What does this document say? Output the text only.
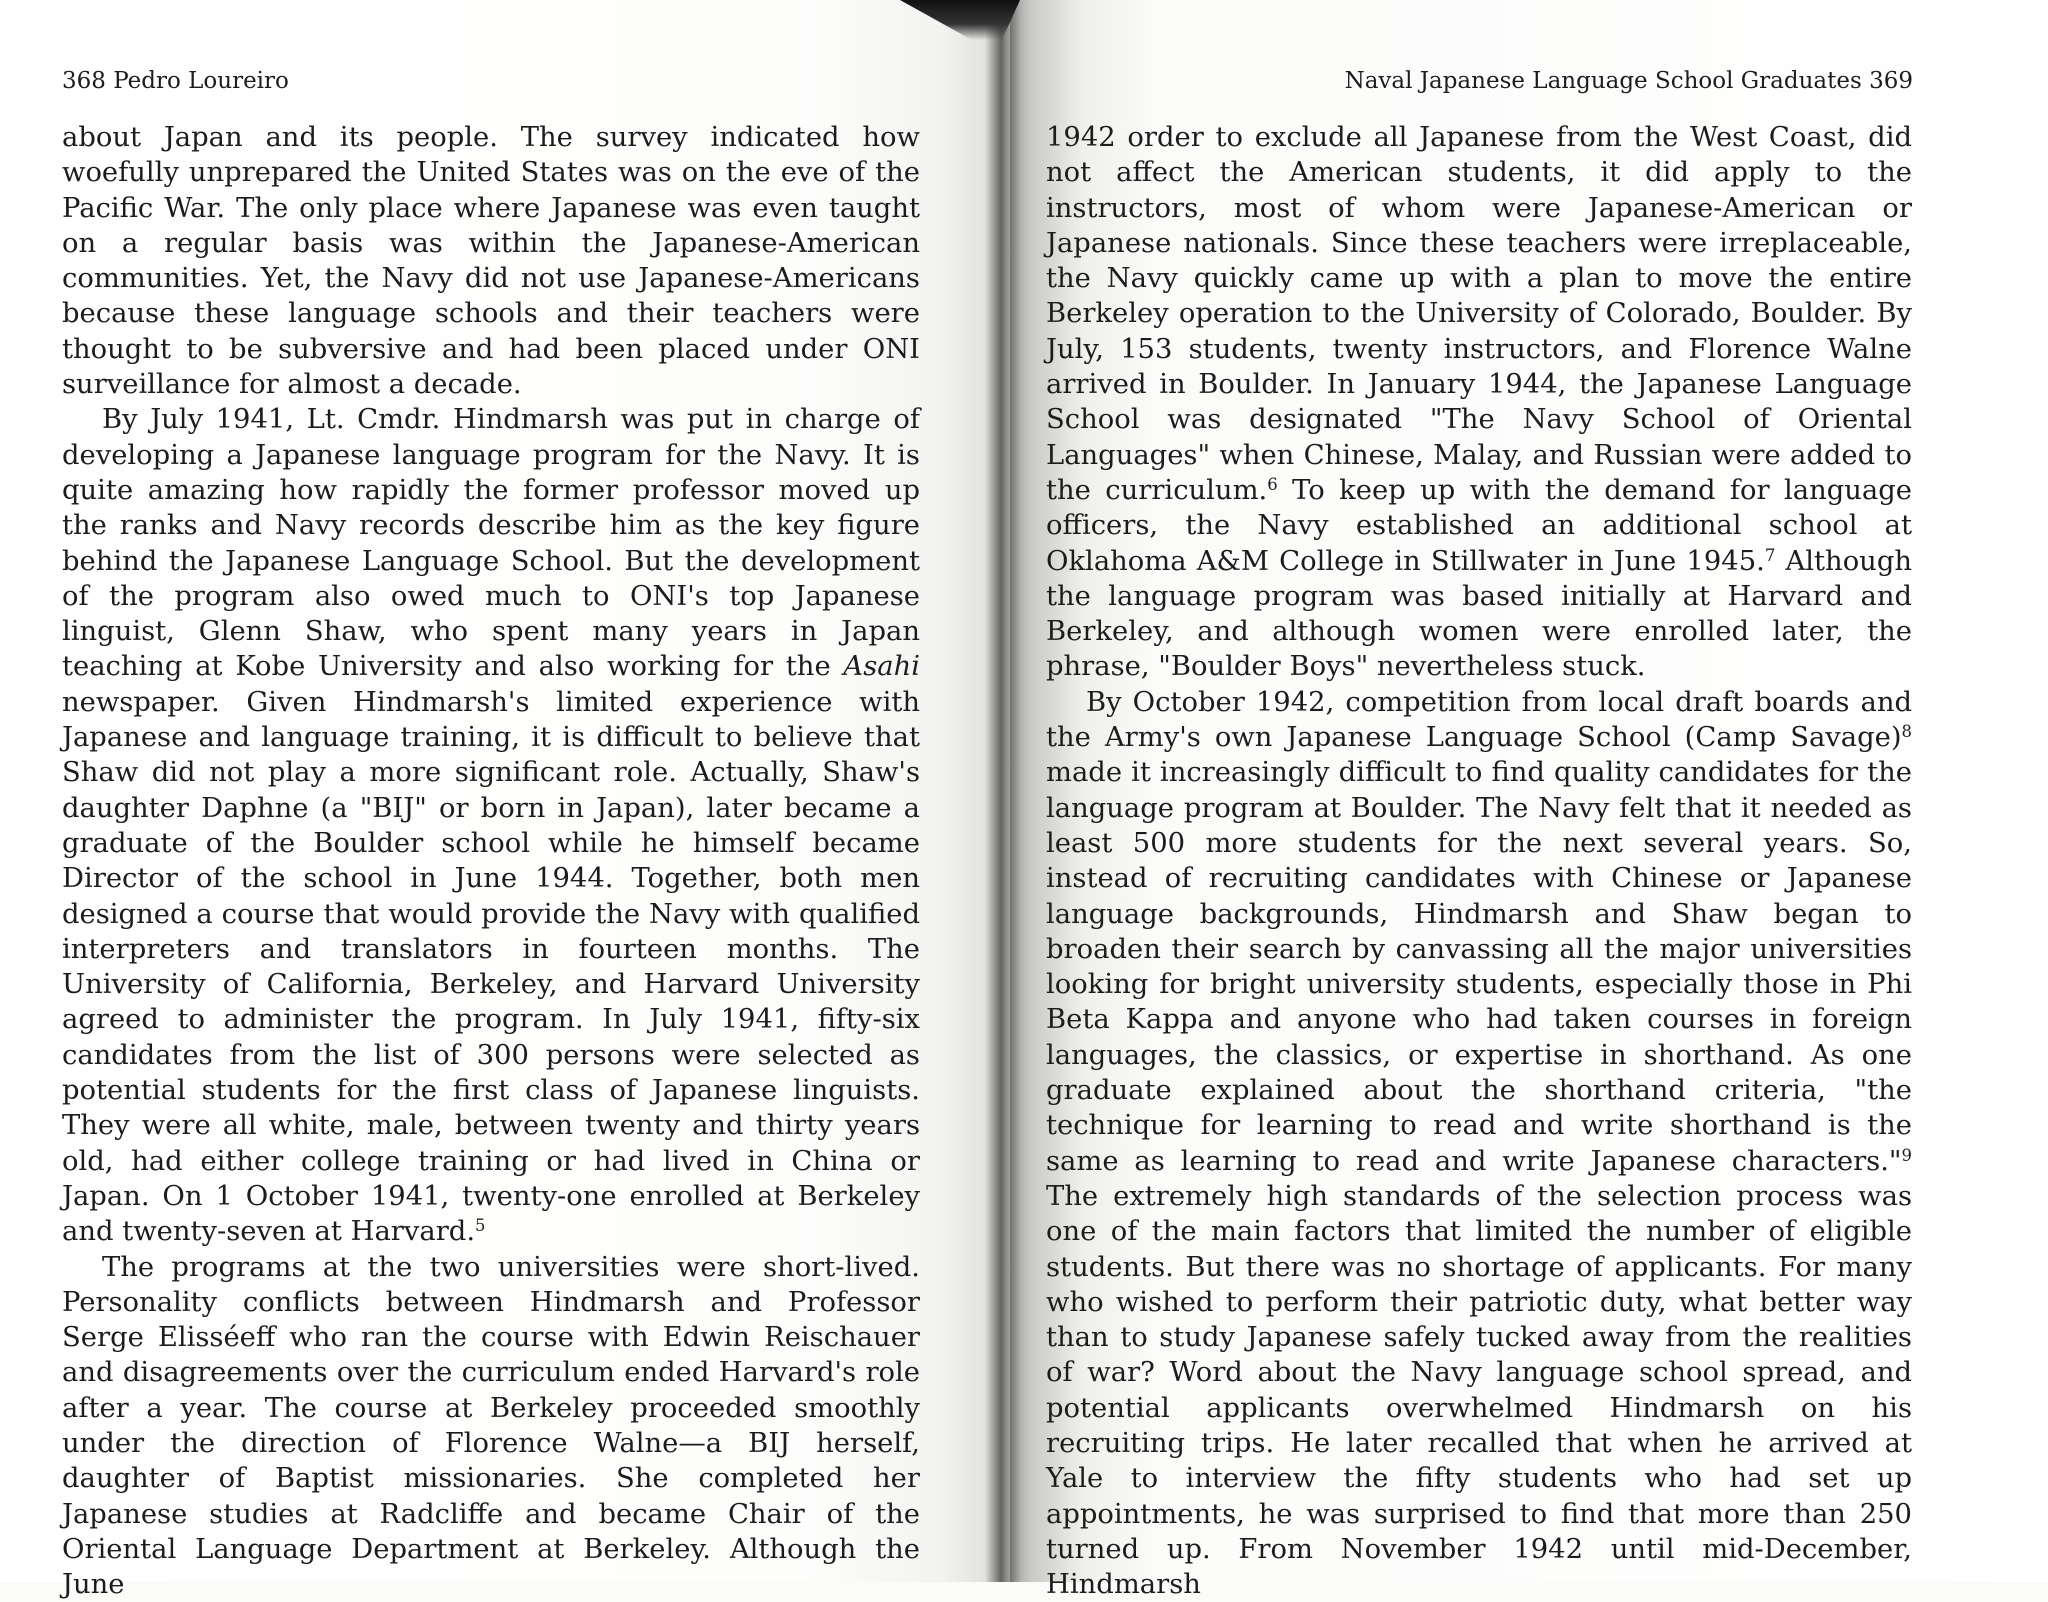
368 Pedro Loureiro

about Japan and its people. The survey indicated how woefully unprepared the United States was on the eve of the Pacific War. The only place where Japanese was even taught on a regular basis was within the Japanese-American communities. Yet, the Navy did not use Japanese-Americans because these language schools and their teachers were thought to be subversive and had been placed under ONI surveillance for almost a decade.

By July 1941, Lt. Cmdr. Hindmarsh was put in charge of developing a Japanese language program for the Navy. It is quite amazing how rapidly the former professor moved up the ranks and Navy records describe him as the key figure behind the Japanese Language School. But the development of the program also owed much to ONI's top Japanese linguist, Glenn Shaw, who spent many years in Japan teaching at Kobe University and also working for the Asahi newspaper. Given Hindmarsh's limited experience with Japanese and language training, it is difficult to believe that Shaw did not play a more significant role. Actually, Shaw's daughter Daphne (a "BIJ" or born in Japan), later became a graduate of the Boulder school while he himself became Director of the school in June 1944. Together, both men designed a course that would provide the Navy with qualified interpreters and translators in fourteen months. The University of California, Berkeley, and Harvard University agreed to administer the program. In July 1941, fifty-six candidates from the list of 300 persons were selected as potential students for the first class of Japanese linguists. They were all white, male, between twenty and thirty years old, had either college training or had lived in China or Japan. On 1 October 1941, twenty-one enrolled at Berkeley and twenty-seven at Harvard.$^5$

The programs at the two universities were short-lived. Personality conflicts between Hindmarsh and Professor Serge Elisséeff who ran the course with Edwin Reischauer and disagreements over the curriculum ended Harvard's role after a year. The course at Berkeley proceeded smoothly under the direction of Florence Walne—a BIJ herself, daughter of Baptist missionaries. She completed her Japanese studies at Radcliffe and became Chair of the Oriental Language Department at Berkeley. Although the June

Naval Japanese Language School Graduates 369

1942 order to exclude all Japanese from the West Coast, did not affect the American students, it did apply to the instructors, most of whom were Japanese-American or Japanese nationals. Since these teachers were irreplaceable, the Navy quickly came up with a plan to move the entire Berkeley operation to the University of Colorado, Boulder. By July, 153 students, twenty instructors, and Florence Walne arrived in Boulder. In January 1944, the Japanese Language School was designated "The Navy School of Oriental Languages" when Chinese, Malay, and Russian were added to the curriculum.$^6$ To keep up with the demand for language officers, the Navy established an additional school at Oklahoma A&M College in Stillwater in June 1945.$^7$ Although the language program was based initially at Harvard and Berkeley, and although women were enrolled later, the phrase, "Boulder Boys" nevertheless stuck.

By October 1942, competition from local draft boards and the Army's own Japanese Language School (Camp Savage)$^8$ made it increasingly difficult to find quality candidates for the language program at Boulder. The Navy felt that it needed as least 500 more students for the next several years. So, instead of recruiting candidates with Chinese or Japanese language backgrounds, Hindmarsh and Shaw began to broaden their search by canvassing all the major universities looking for bright university students, especially those in Phi Beta Kappa and anyone who had taken courses in foreign languages, the classics, or expertise in shorthand. As one graduate explained about the shorthand criteria, "the technique for learning to read and write shorthand is the same as learning to read and write Japanese characters."$^9$ The extremely high standards of the selection process was one of the main factors that limited the number of eligible students. But there was no shortage of applicants. For many who wished to perform their patriotic duty, what better way than to study Japanese safely tucked away from the realities of war? Word about the Navy language school spread, and potential applicants overwhelmed Hindmarsh on his recruiting trips. He later recalled that when he arrived at Yale to interview the fifty students who had set up appointments, he was surprised to find that more than 250 turned up. From November 1942 until mid-December, Hindmarsh
